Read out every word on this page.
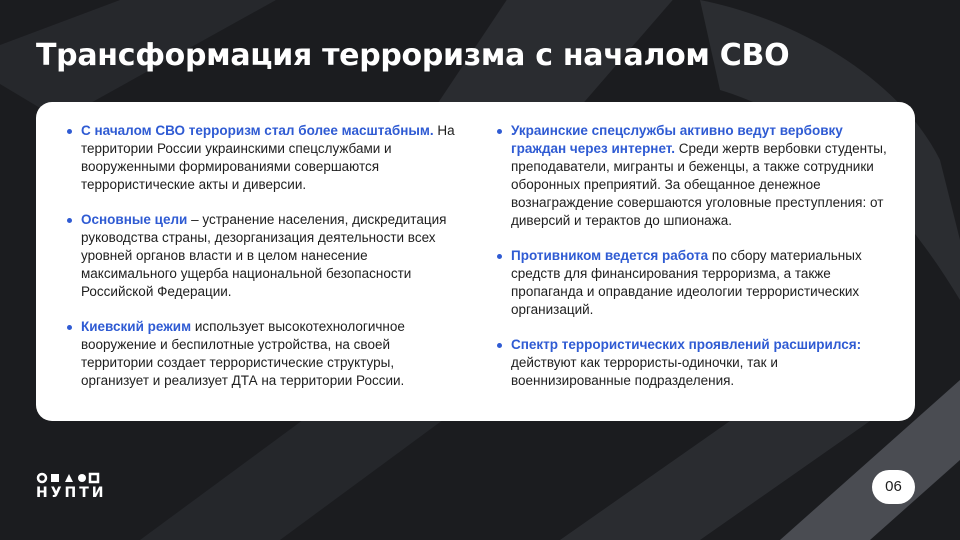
Трансформация терроризма с началом СВО

С началом СВО терроризм стал более масштабным. На территории России украинскими спецслужбами и вооруженными формированиями совершаются террористические акты и диверсии.

Основные цели – устранение населения, дискредитация руководства страны, дезорганизация деятельности всех уровней органов власти и в целом нанесение максимального ущерба национальной безопасности Российской Федерации.

Киевский режим использует высокотехнологичное вооружение и беспилотные устройства, на своей территории создает террористические структуры, организует и реализует ДТА на территории России.

Украинские спецслужбы активно ведут вербовку граждан через интернет. Среди жертв вербовки студенты, преподаватели, мигранты и беженцы, а также сотрудники оборонных преприятий. За обещанное денежное вознаграждение совершаются уголовные преступления: от диверсий и терактов до шпионажа.

Противником ведется работа по сбору материальных средств для финансирования терроризма, а также пропаганда и оправдание идеологии террористических организаций.

Спектр террористических проявлений расширился: действуют как террористы-одиночки, так и военнизированные подразделения.

НУПТИ	06
